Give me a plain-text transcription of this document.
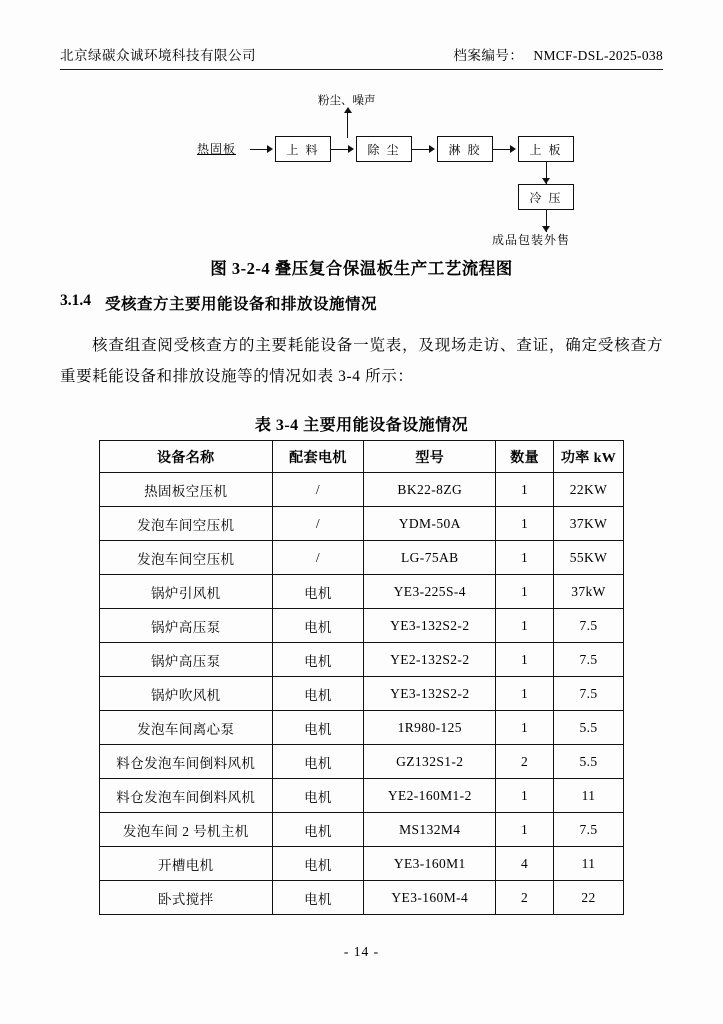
北京绿碳众诚环境科技有限公司	档案编号： NMCF-DSL-2025-038
粉尘、噪声
热固板	上 料	除 尘	淋 胶	上 板
冷 压
成品包装外售
图 3-2-4 叠压复合保温板生产工艺流程图
3.1.4 受核查方主要用能设备和排放设施情况
核查组查阅受核查方的主要耗能设备一览表，及现场走访、查证，确定受核查方重要耗能设备和排放设施等的情况如表 3-4 所示：
表 3-4 主要用能设备设施情况
设备名称	配套电机	型号	数量	功率 kW
热固板空压机	/	BK22-8ZG	1	22KW
发泡车间空压机	/	YDM-50A	1	37KW
发泡车间空压机	/	LG-75AB	1	55KW
锅炉引风机	电机	YE3-225S-4	1	37kW
锅炉高压泵	电机	YE3-132S2-2	1	7.5
锅炉高压泵	电机	YE2-132S2-2	1	7.5
锅炉吹风机	电机	YE3-132S2-2	1	7.5
发泡车间离心泵	电机	1R980-125	1	5.5
料仓发泡车间倒料风机	电机	GZ132S1-2	2	5.5
料仓发泡车间倒料风机	电机	YE2-160M1-2	1	11
发泡车间 2 号机主机	电机	MS132M4	1	7.5
开槽电机	电机	YE3-160M1	4	11
卧式搅拌	电机	YE3-160M-4	2	22
- 14 -
